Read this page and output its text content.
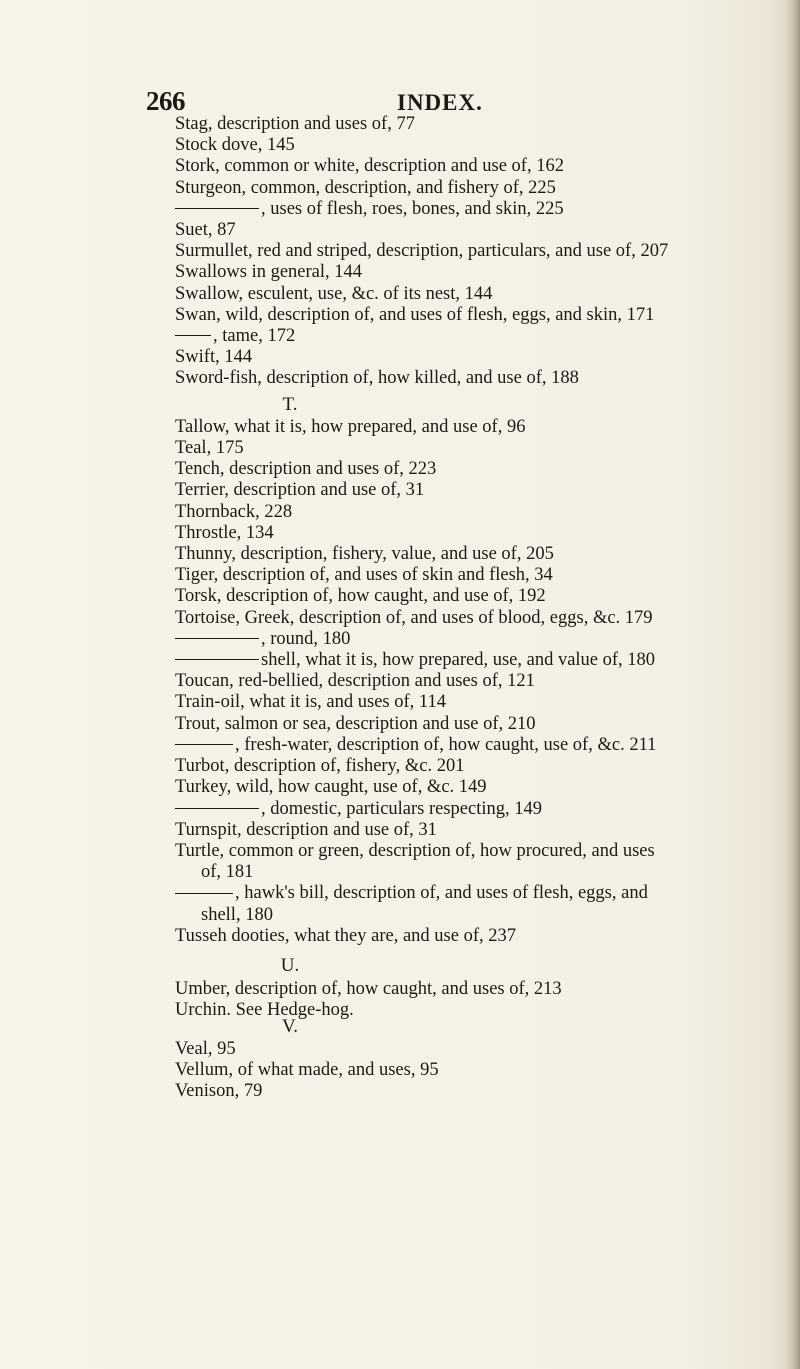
266	INDEX.
Stag, description and uses of, 77
Stock dove, 145
Stork, common or white, description and use of, 162
Sturgeon, common, description, and fishery of, 225
, uses of flesh, roes, bones, and skin, 225
Suet, 87
Surmullet, red and striped, description, particulars, and use of, 207
Swallows in general, 144
Swallow, esculent, use, &c. of its nest, 144
Swan, wild, description of, and uses of flesh, eggs, and skin, 171
, tame, 172
Swift, 144
Sword-fish, description of, how killed, and use of, 188
T.
Tallow, what it is, how prepared, and use of, 96
Teal, 175
Tench, description and uses of, 223
Terrier, description and use of, 31
Thornback, 228
Throstle, 134
Thunny, description, fishery, value, and use of, 205
Tiger, description of, and uses of skin and flesh, 34
Torsk, description of, how caught, and use of, 192
Tortoise, Greek, description of, and uses of blood, eggs, &c. 179
, round, 180
shell, what it is, how prepared, use, and value of, 180
Toucan, red-bellied, description and uses of, 121
Train-oil, what it is, and uses of, 114
Trout, salmon or sea, description and use of, 210
, fresh-water, description of, how caught, use of, &c. 211
Turbot, description of, fishery, &c. 201
Turkey, wild, how caught, use of, &c. 149
, domestic, particulars respecting, 149
Turnspit, description and use of, 31
Turtle, common or green, description of, how procured, and uses
of, 181
, hawk's bill, description of, and uses of flesh, eggs, and
shell, 180
Tusseh dooties, what they are, and use of, 237
U.
Umber, description of, how caught, and uses of, 213
Urchin. See Hedge-hog.
V.
Veal, 95
Vellum, of what made, and uses, 95
Venison, 79
